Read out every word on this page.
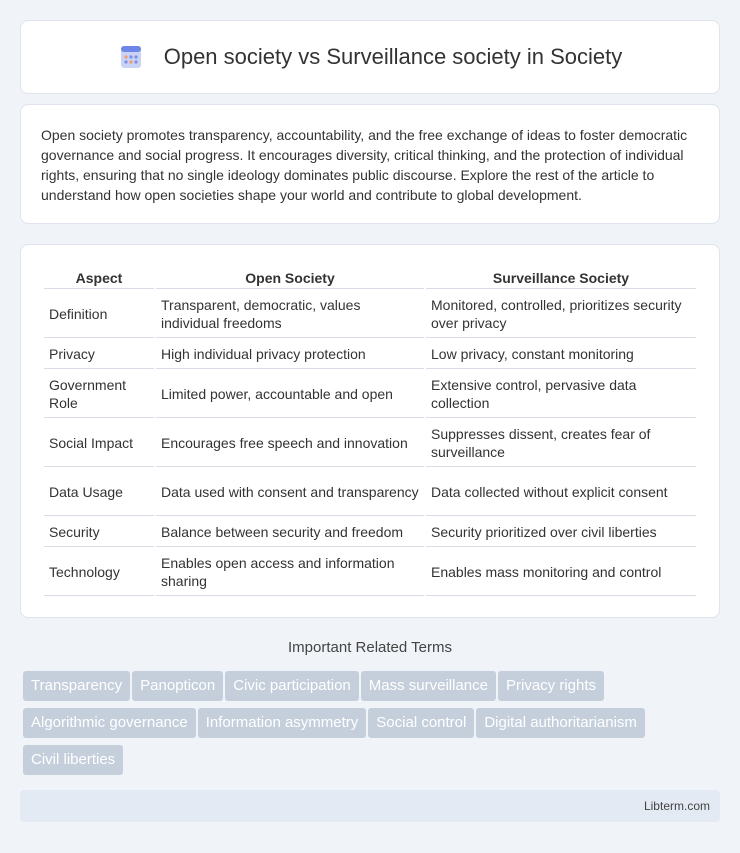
Open society vs Surveillance society in Society

Open society promotes transparency, accountability, and the free exchange of ideas to foster democratic governance and social progress. It encourages diversity, critical thinking, and the protection of individual rights, ensuring that no single ideology dominates public discourse. Explore the rest of the article to understand how open societies shape your world and contribute to global development.

Aspect	Open Society	Surveillance Society
Definition	Transparent, democratic, values individual freedoms	Monitored, controlled, prioritizes security over privacy
Privacy	High individual privacy protection	Low privacy, constant monitoring
Government Role	Limited power, accountable and open	Extensive control, pervasive data collection
Social Impact	Encourages free speech and innovation	Suppresses dissent, creates fear of surveillance
Data Usage	Data used with consent and transparency	Data collected without explicit consent
Security	Balance between security and freedom	Security prioritized over civil liberties
Technology	Enables open access and information sharing	Enables mass monitoring and control
Important Related Terms
Transparency	Panopticon	Civic participation	Mass surveillance	Privacy rights
Algorithmic governance	Information asymmetry	Social control	Digital authoritarianism
Civil liberties
Libterm.com
